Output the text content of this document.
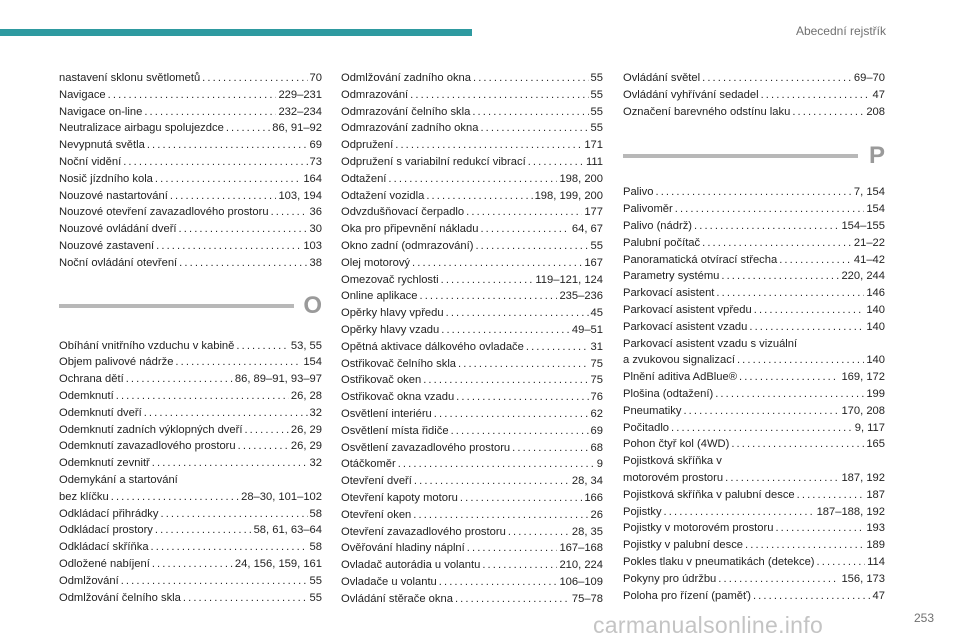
Abecední rejstřík
nastavení sklonu světlometů . . .	70
Navigace . . .	229–231
Navigace on-line . . .	232–234
Neutralizace airbagu spolujezdce . . .	86, 91–92
Nevypnutá světla . . .	69
Noční vidění . . .	73
Nosič jízdního kola . . .	164
Nouzové nastartování . . .	103, 194
Nouzové otevření zavazadlového prostoru . . .	36
Nouzové ovládání dveří . . .	30
Nouzové zastavení . . .	103
Noční ovládání otevření . . .	38
O
Obíhání vnitřního vzduchu v kabině . . .	53, 55
Objem palivové nádrže . . .	154
Ochrana dětí . . .	86, 89–91, 93–97
Odemknutí . . .	26, 28
Odemknutí dveří . . .	32
Odemknutí zadních výklopných dveří . . .	26, 29
Odemknutí zavazadlového prostoru . . .	26, 29
Odemknutí zevnitř . . .	32
Odemykání a startování
bez klíčku . . .	28–30, 101–102
Odkládací přihrádky . . .	58
Odkládací prostory . . .	58, 61, 63–64
Odkládací skříňka . . .	58
Odložené nabíjení . . .	24, 156, 159, 161
Odmlžování . . .	55
Odmlžování čelního skla . . .	55
Odmlžování zadního okna . . .	55
Odmrazování . . .	55
Odmrazování čelního skla . . .	55
Odmrazování zadního okna . . .	55
Odpružení . . .	171
Odpružení s variabilní redukcí vibrací . . .	111
Odtažení . . .	198, 200
Odtažení vozidla . . .	198, 199, 200
Odvzdušňovací čerpadlo . . .	177
Oka pro připevnění nákladu . . .	64, 67
Okno zadní (odmrazování) . . .	55
Olej motorový . . .	167
Omezovač rychlosti . . .	119–121, 124
Online aplikace . . .	235–236
Opěrky hlavy vpředu . . .	45
Opěrky hlavy vzadu . . .	49–51
Opětná aktivace dálkového ovladače . . .	31
Ostřikovač čelního skla . . .	75
Ostřikovač oken . . .	75
Ostřikovač okna vzadu . . .	76
Osvětlení interiéru . . .	62
Osvětlení místa řidiče . . .	69
Osvětlení zavazadlového prostoru . . .	68
Otáčkoměr . . .	9
Otevření dveří . . .	28, 34
Otevření kapoty motoru . . .	166
Otevření oken . . .	26
Otevření zavazadlového prostoru . . .	28, 35
Ověřování hladiny náplní . . .	167–168
Ovladač autorádia u volantu . . .	210, 224
Ovladače u volantu . . .	106–109
Ovládání stěrače okna . . .	75–78
Ovládání světel . . .	69–70
Ovládání vyhřívání sedadel . . .	47
Označení barevného odstínu laku . . .	208
P
Palivo . . .	7, 154
Palivoměr . . .	154
Palivo (nádrž) . . .	154–155
Palubní počítač . . .	21–22
Panoramatická otvírací střecha . . .	41–42
Parametry systému . . .	220, 244
Parkovací asistent . . .	146
Parkovací asistent vpředu . . .	140
Parkovací asistent vzadu . . .	140
Parkovací asistent vzadu s vizuální
a zvukovou signalizací . . .	140
Plnění aditiva AdBlue® . . .	169, 172
Plošina (odtažení) . . .	199
Pneumatiky . . .	170, 208
Počitadlo . . .	9, 117
Pohon čtyř kol (4WD) . . .	165
Pojistková skříňka v
motorovém prostoru . . .	187, 192
Pojistková skříňka v palubní desce . . .	187
Pojistky . . .	187–188, 192
Pojistky v motorovém prostoru . . .	193
Pojistky v palubní desce . . .	189
Pokles tlaku v pneumatikách (detekce) . . .	114
Pokyny pro údržbu . . .	156, 173
Poloha pro řízení (paměť) . . .	47
carmanualsonline.info	253
